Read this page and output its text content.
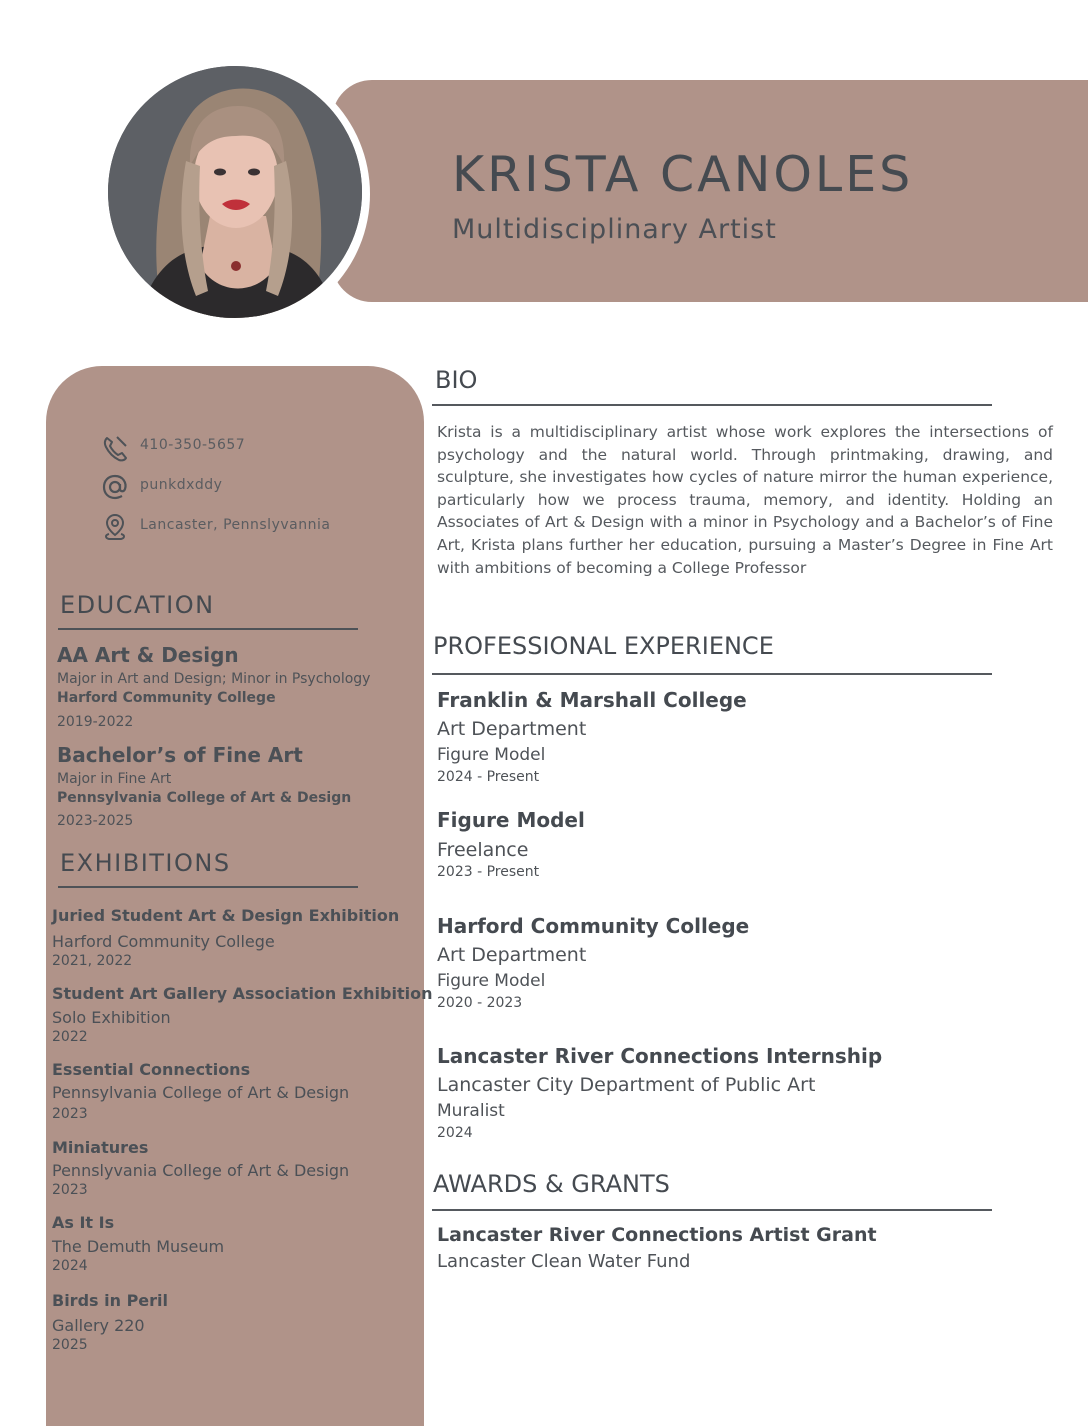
KRISTA CANOLES
Multidisciplinary Artist
410-350-5657
punkdxddy
Lancaster, Pennslyvannia
EDUCATION
AA Art & Design
Major in Art and Design; Minor in Psychology
Harford Community College
2019-2022
Bachelor’s of Fine Art
Major in Fine Art
Pennsylvania College of Art & Design
2023-2025
EXHIBITIONS
Juried Student Art & Design Exhibition
Harford Community College
2021, 2022
Student Art Gallery Association Exhibition
Solo Exhibition
2022
Essential Connections
Pennsylvania College of Art & Design
2023
Miniatures
Pennslyvania College of Art & Design
2023
As It Is
The Demuth Museum
2024
Birds in Peril
Gallery 220
2025
BIO
Krista is a multidisciplinary artist whose work explores the intersections of psychology and the natural world. Through printmaking, drawing, and sculpture, she investigates how cycles of nature mirror the human experience, particularly how we process trauma, memory, and identity. Holding an Associates of Art & Design with a minor in Psychology and a Bachelor’s of Fine Art, Krista plans further her education, pursuing a Master’s Degree in Fine Art with ambitions of becoming a College Professor
PROFESSIONAL EXPERIENCE
Franklin & Marshall College
Art Department
Figure Model
2024 - Present
Figure Model
Freelance
2023 - Present
Harford Community College
Art Department
Figure Model
2020 - 2023
Lancaster River Connections Internship
Lancaster City Department of Public Art
Muralist
2024
AWARDS & GRANTS
Lancaster River Connections Artist Grant
Lancaster Clean Water Fund
